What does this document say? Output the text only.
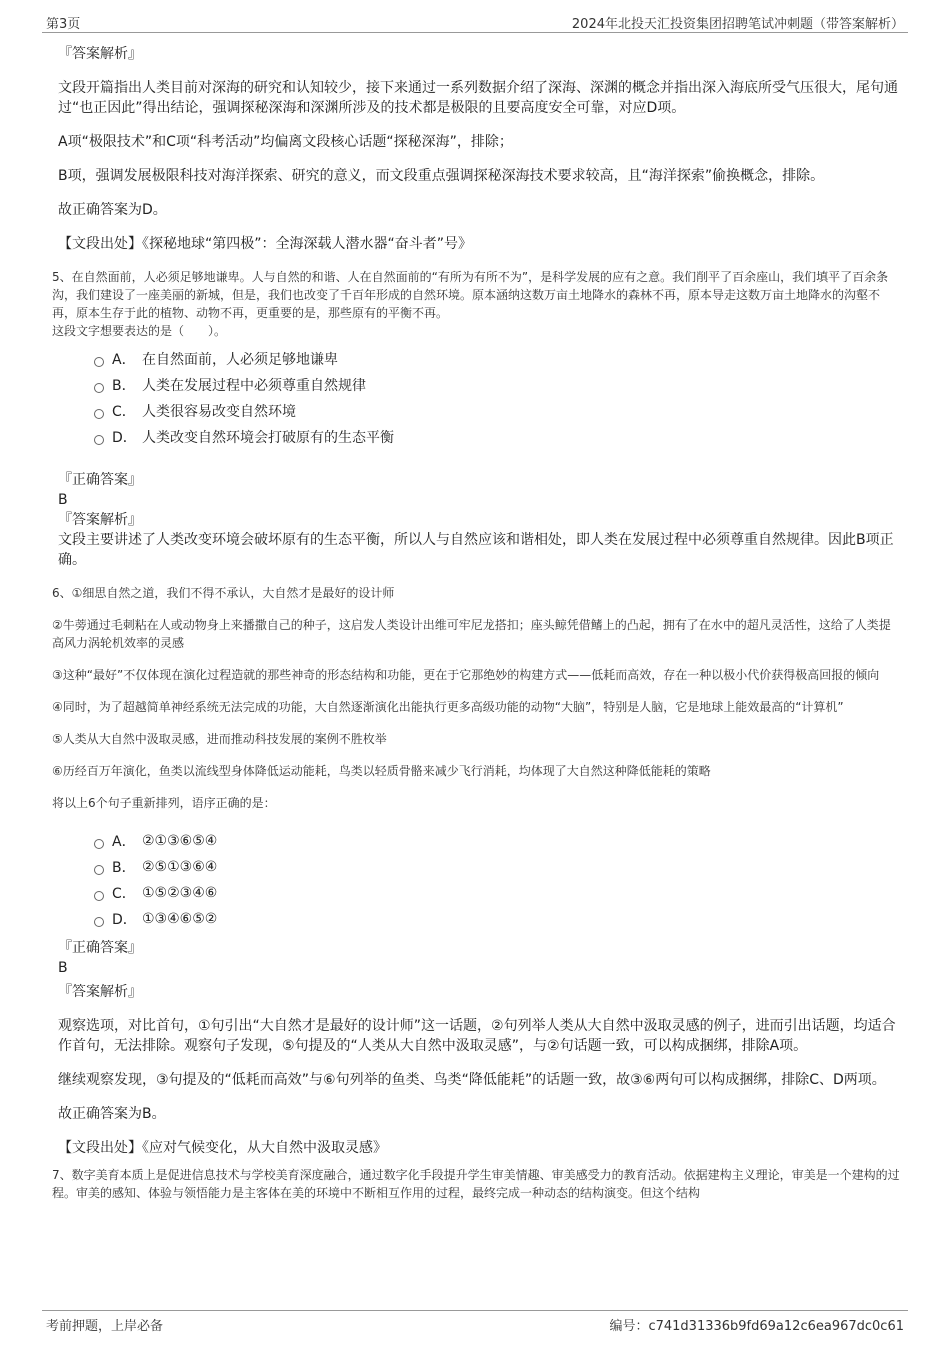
第3页	2024年北投天汇投资集团招聘笔试冲刺题（带答案解析）

『答案解析』

文段开篇指出人类目前对深海的研究和认知较少，接下来通过一系列数据介绍了深海、深渊的概念并指出深入海底所受气压很大，尾句通过“也正因此”得出结论，强调探秘深海和深渊所涉及的技术都是极限的且要高度安全可靠，对应D项。

A项“极限技术”和C项“科考活动”均偏离文段核心话题“探秘深海”，排除；

B项，强调发展极限科技对海洋探索、研究的意义，而文段重点强调探秘深海技术要求较高，且“海洋探索”偷换概念，排除。

故正确答案为D。

【文段出处】《探秘地球“第四极”：全海深载人潜水器“奋斗者”号》

5、在自然面前，人必须足够地谦卑。人与自然的和谐、人在自然面前的“有所为有所不为”，是科学发展的应有之意。我们削平了百余座山，我们填平了百余条沟，我们建设了一座美丽的新城，但是，我们也改变了千百年形成的自然环境。原本涵纳这数万亩土地降水的森林不再，原本导走这数万亩土地降水的沟壑不再，原本生存于此的植物、动物不再，更重要的是，那些原有的平衡不再。

这段文字想要表达的是（　　）。

A． 在自然面前，人必须足够地谦卑
B． 人类在发展过程中必须尊重自然规律
C． 人类很容易改变自然环境
D． 人类改变自然环境会打破原有的生态平衡

『正确答案』

B

『答案解析』

文段主要讲述了人类改变环境会破坏原有的生态平衡，所以人与自然应该和谐相处，即人类在发展过程中必须尊重自然规律。因此B项正确。

6、①细思自然之道，我们不得不承认，大自然才是最好的设计师

②牛蒡通过毛刺粘在人或动物身上来播撒自己的种子，这启发人类设计出维可牢尼龙搭扣；座头鲸凭借鳍上的凸起，拥有了在水中的超凡灵活性，这给了人类提高风力涡轮机效率的灵感

③这种“最好”不仅体现在演化过程造就的那些神奇的形态结构和功能，更在于它那绝妙的构建方式——低耗而高效，存在一种以极小代价获得极高回报的倾向

④同时，为了超越简单神经系统无法完成的功能，大自然逐渐演化出能执行更多高级功能的动物“大脑”，特别是人脑，它是地球上能效最高的“计算机”

⑤人类从大自然中汲取灵感，进而推动科技发展的案例不胜枚举

⑥历经百万年演化，鱼类以流线型身体降低运动能耗，鸟类以轻质骨骼来减少飞行消耗，均体现了大自然这种降低能耗的策略

将以上6个句子重新排列，语序正确的是：

A． ②①③⑥⑤④
B． ②⑤①③⑥④
C． ①⑤②③④⑥
D． ①③④⑥⑤②

『正确答案』

B

『答案解析』

观察选项，对比首句，①句引出“大自然才是最好的设计师”这一话题，②句列举人类从大自然中汲取灵感的例子，进而引出话题，均适合作首句，无法排除。观察句子发现，⑤句提及的“人类从大自然中汲取灵感”，与②句话题一致，可以构成捆绑，排除A项。

继续观察发现，③句提及的“低耗而高效”与⑥句列举的鱼类、鸟类“降低能耗”的话题一致，故③⑥两句可以构成捆绑，排除C、D两项。

故正确答案为B。

【文段出处】《应对气候变化，从大自然中汲取灵感》

7、数字美育本质上是促进信息技术与学校美育深度融合，通过数字化手段提升学生审美情趣、审美感受力的教育活动。依据建构主义理论，审美是一个建构的过程。审美的感知、体验与领悟能力是主客体在美的环境中不断相互作用的过程，最终完成一种动态的结构演变。但这个结构

考前押题，上岸必备	编号：c741d31336b9fd69a12c6ea967dc0c61
